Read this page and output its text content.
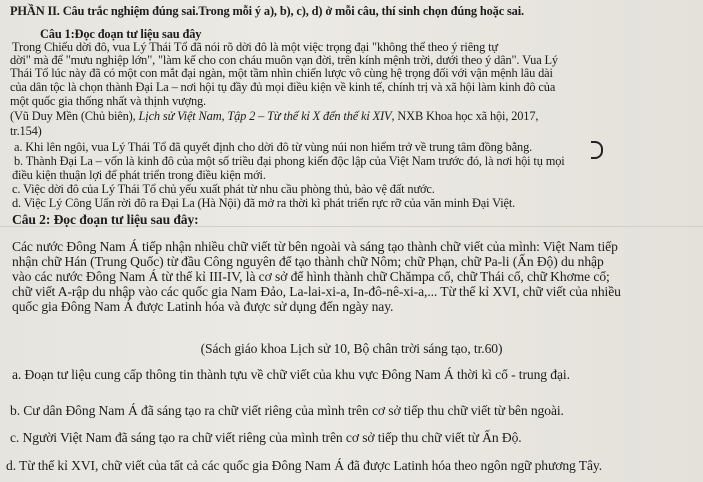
PHẦN II. Câu trắc nghiệm đúng sai.Trong mỗi ý a), b), c), d) ở mỗi câu, thí sinh chọn đúng hoặc sai.
Câu 1:Đọc đoạn tư liệu sau đây
Trong Chiếu dời đô, vua Lý Thái Tổ đã nói rõ dời đô là một việc trọng đại "không thể theo ý riêng tự
dời" mà để "mưu nghiệp lớn", "làm kế cho con cháu muôn vạn đời, trên kính mệnh trời, dưới theo ý dân". Vua Lý
Thái Tổ lúc này đã có một con mắt đại ngàn, một tầm nhìn chiến lược vô cùng hệ trọng đối với vận mệnh lâu dài
của dân tộc là chọn thành Đại La – nơi hội tụ đầy đủ mọi điều kiện về kinh tế, chính trị và xã hội làm kinh đô của
một quốc gia thống nhất và thịnh vượng.
(Vũ Duy Mền (Chủ biên), Lịch sử Việt Nam, Tập 2 – Từ thế kỉ X đến thế kỉ XIV, NXB Khoa học xã hội, 2017,
tr.154)
a. Khi lên ngôi, vua Lý Thái Tổ đã quyết định cho dời đô từ vùng núi non hiểm trở về trung tâm đồng bằng.
b. Thành Đại La – vốn là kinh đô của một số triều đại phong kiến độc lập của Việt Nam trước đó, là nơi hội tụ mọi
điều kiện thuận lợi để phát triển trong điều kiện mới.
c. Việc dời đô của Lý Thái Tổ chủ yếu xuất phát từ nhu cầu phòng thủ, bảo vệ đất nước.
d. Việc Lý Công Uẩn rời đô ra Đại La (Hà Nội) đã mở ra thời kì phát triển rực rỡ của văn minh Đại Việt.
Câu 2: Đọc đoạn tư liệu sau đây:
Các nước Đông Nam Á tiếp nhận nhiều chữ viết từ bên ngoài và sáng tạo thành chữ viết của mình: Việt Nam tiếp
nhận chữ Hán (Trung Quốc) từ đầu Công nguyên để tạo thành chữ Nôm; chữ Phạn, chữ Pa-li (Ấn Độ) du nhập
vào các nước Đông Nam Á từ thế kỉ III-IV, là cơ sở để hình thành chữ Chămpa cổ, chữ Thái cổ, chữ Khơme cổ;
chữ viết A-rập du nhập vào các quốc gia Nam Đảo, La-lai-xi-a, In-đô-nê-xi-a,... Từ thế kỉ XVI, chữ viết của nhiều
quốc gia Đông Nam Á được Latinh hóa và được sử dụng đến ngày nay.
(Sách giáo khoa Lịch sử 10, Bộ chân trời sáng tạo, tr.60)
a. Đoạn tư liệu cung cấp thông tin thành tựu về chữ viết của khu vực Đông Nam Á thời kì cổ - trung đại.
b. Cư dân Đông Nam Á đã sáng tạo ra chữ viết riêng của mình trên cơ sở tiếp thu chữ viết từ bên ngoài.
c. Người Việt Nam đã sáng tạo ra chữ viết riêng của mình trên cơ sở tiếp thu chữ viết từ Ấn Độ.
d. Từ thế kỉ XVI, chữ viết của tất cả các quốc gia Đông Nam Á đã được Latinh hóa theo ngôn ngữ phương Tây.
